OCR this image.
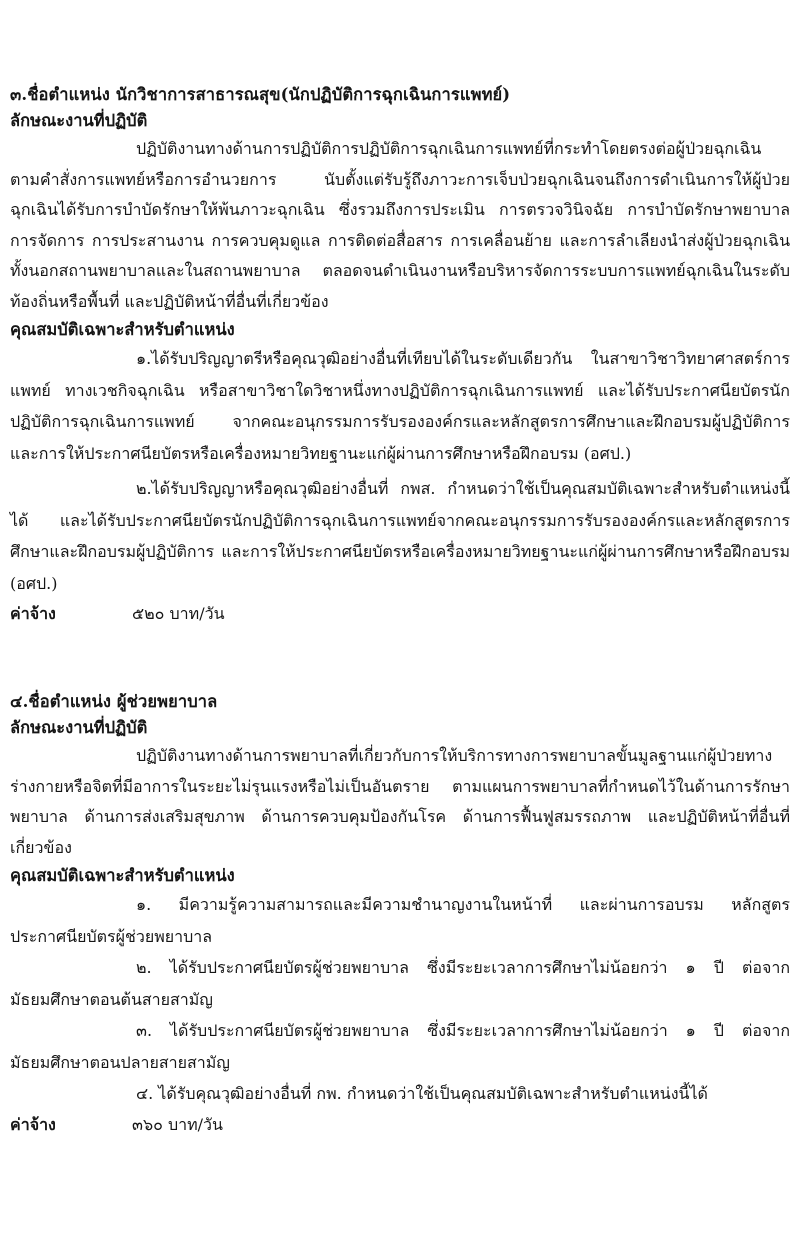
๓.ชื่อตำแหน่ง นักวิชาการสาธารณสุข(นักปฏิบัติการฉุกเฉินการแพทย์)

ลักษณะงานที่ปฏิบัติ

ปฏิบัติงานทางด้านการปฏิบัติการปฏิบัติการฉุกเฉินการแพทย์ที่กระทำโดยตรงต่อผู้ป่วยฉุกเฉินตามคำสั่งการแพทย์หรือการอำนวยการ นับตั้งแต่รับรู้ถึงภาวะการเจ็บป่วยฉุกเฉินจนถึงการดำเนินการให้ผู้ป่วยฉุกเฉินได้รับการบำบัดรักษาให้พ้นภาวะฉุกเฉิน ซึ่งรวมถึงการประเมิน การตรวจวินิจฉัย การบำบัดรักษาพยาบาล การจัดการ การประสานงาน การควบคุมดูแล การติดต่อสื่อสาร การเคลื่อนย้าย และการลำเลียงนำส่งผู้ป่วยฉุกเฉิน ทั้งนอกสถานพยาบาลและในสถานพยาบาล ตลอดจนดำเนินงานหรือบริหารจัดการระบบการแพทย์ฉุกเฉินในระดับท้องถิ่นหรือพื้นที่ และปฏิบัติหน้าที่อื่นที่เกี่ยวข้อง

คุณสมบัติเฉพาะสำหรับตำแหน่ง

๑.ได้รับปริญญาตรีหรือคุณวุฒิอย่างอื่นที่เทียบได้ในระดับเดียวกัน ในสาขาวิชาวิทยาศาสตร์การแพทย์ ทางเวชกิจฉุกเฉิน หรือสาขาวิชาใดวิชาหนึ่งทางปฏิบัติการฉุกเฉินการแพทย์ และได้รับประกาศนียบัตรนักปฏิบัติการฉุกเฉินการแพทย์ จากคณะอนุกรรมการรับรององค์กรและหลักสูตรการศึกษาและฝึกอบรมผู้ปฏิบัติการ และการให้ประกาศนียบัตรหรือเครื่องหมายวิทยฐานะแก่ผู้ผ่านการศึกษาหรือฝึกอบรม (อศป.)

๒.ได้รับปริญญาหรือคุณวุฒิอย่างอื่นที่ กพส. กำหนดว่าใช้เป็นคุณสมบัติเฉพาะสำหรับตำแหน่งนี้ได้ และได้รับประกาศนียบัตรนักปฏิบัติการฉุกเฉินการแพทย์จากคณะอนุกรรมการรับรององค์กรและหลักสูตรการศึกษาและฝึกอบรมผู้ปฏิบัติการ และการให้ประกาศนียบัตรหรือเครื่องหมายวิทยฐานะแก่ผู้ผ่านการศึกษาหรือฝึกอบรม (อศป.)

ค่าจ้าง	๕๒๐ บาท/วัน

๔.ชื่อตำแหน่ง ผู้ช่วยพยาบาล

ลักษณะงานที่ปฏิบัติ

ปฏิบัติงานทางด้านการพยาบาลที่เกี่ยวกับการให้บริการทางการพยาบาลขั้นมูลฐานแก่ผู้ป่วยทางร่างกายหรือจิตที่มีอาการในระยะไม่รุนแรงหรือไม่เป็นอันตราย ตามแผนการพยาบาลที่กำหนดไว้ในด้านการรักษาพยาบาล ด้านการส่งเสริมสุขภาพ ด้านการควบคุมป้องกันโรค ด้านการฟื้นฟูสมรรถภาพ และปฏิบัติหน้าที่อื่นที่เกี่ยวข้อง

คุณสมบัติเฉพาะสำหรับตำแหน่ง

๑. มีความรู้ความสามารถและมีความชำนาญงานในหน้าที่ และผ่านการอบรม หลักสูตรประกาศนียบัตรผู้ช่วยพยาบาล

๒. ได้รับประกาศนียบัตรผู้ช่วยพยาบาล ซึ่งมีระยะเวลาการศึกษาไม่น้อยกว่า ๑ ปี ต่อจากมัธยมศึกษาตอนต้นสายสามัญ

๓. ได้รับประกาศนียบัตรผู้ช่วยพยาบาล ซึ่งมีระยะเวลาการศึกษาไม่น้อยกว่า ๑ ปี ต่อจากมัธยมศึกษาตอนปลายสายสามัญ

๔. ได้รับคุณวุฒิอย่างอื่นที่ กพ. กำหนดว่าใช้เป็นคุณสมบัติเฉพาะสำหรับตำแหน่งนี้ได้

ค่าจ้าง	๓๖๐ บาท/วัน
